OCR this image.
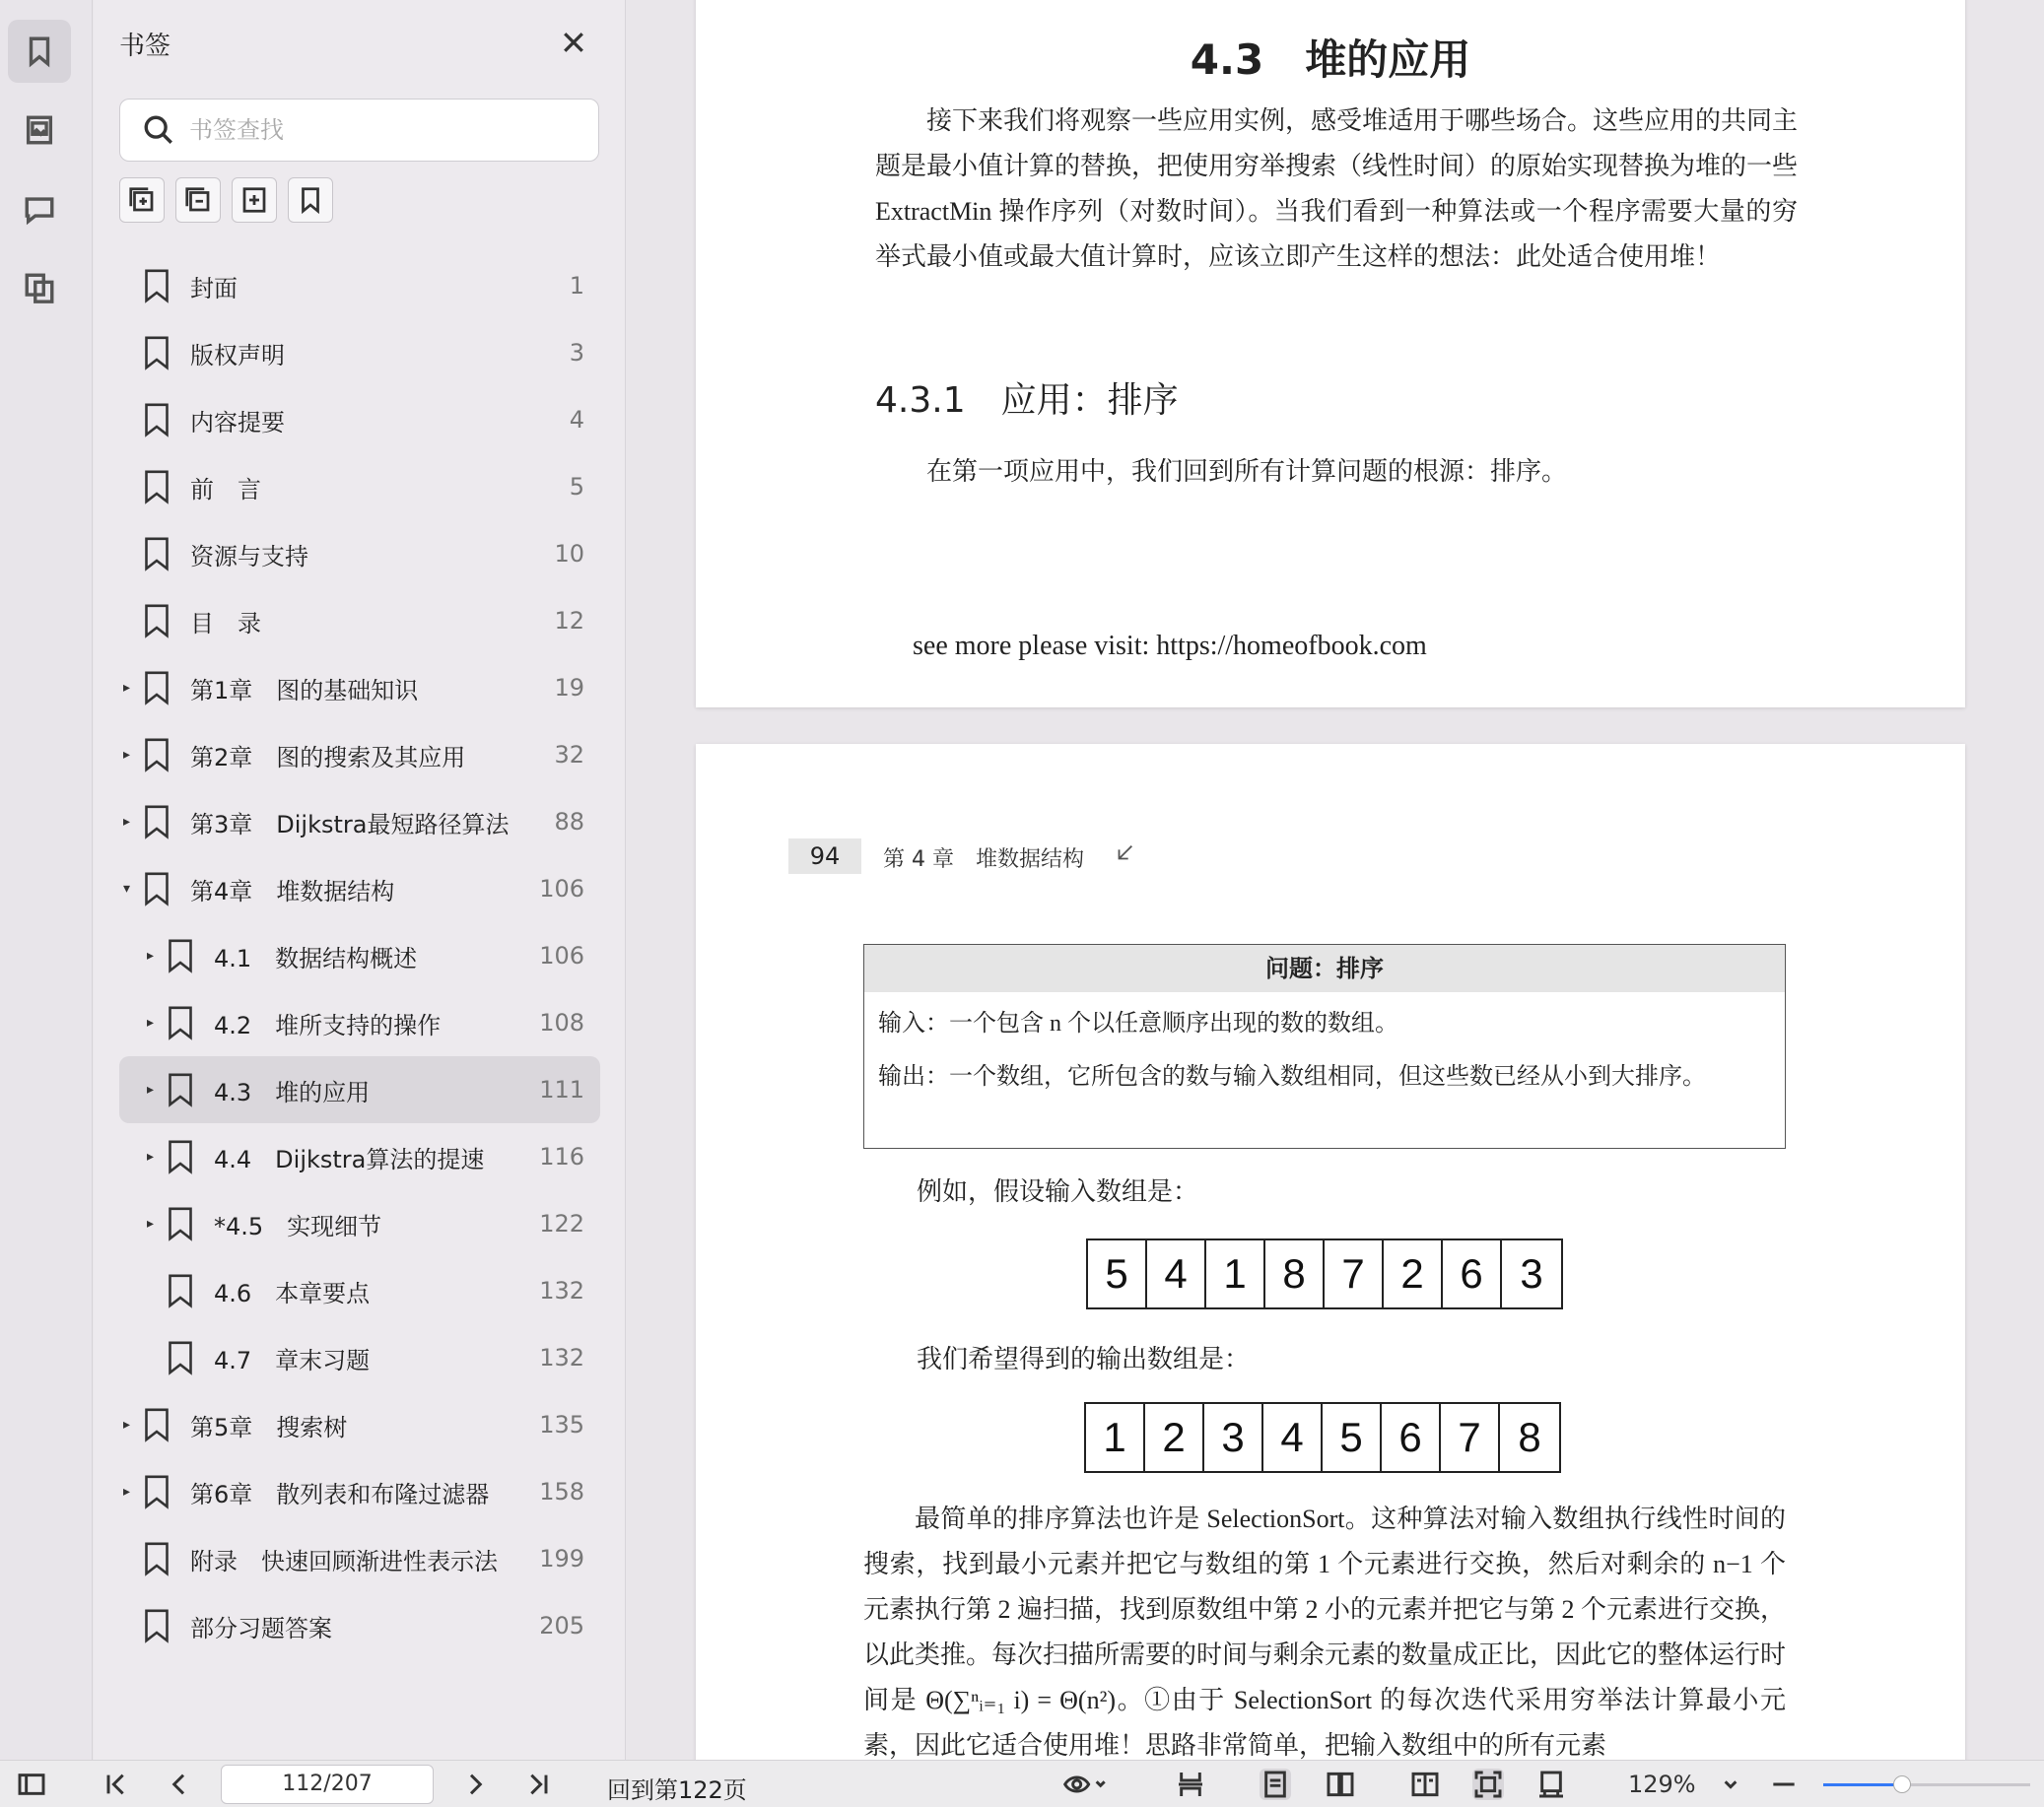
书签
书签查找
封面	1
版权声明	3
内容提要	4
前　言	5
资源与支持	10
目　录	12
▸	第1章　图的基础知识	19
▸	第2章　图的搜索及其应用	32
▸	第3章　Dijkstra最短路径算法 88
▾	第4章　堆数据结构	106
▸	4.1　数据结构概述	106
▸	4.2　堆所支持的操作	108
▸	4.3　堆的应用	111
▸	4.4　Dijkstra算法的提速 116
▸	*4.5　实现细节	122
4.6　本章要点	132
4.7　章末习题	132
▸	第5章　搜索树	135
▸	第6章　散列表和布隆过滤器 158
附录　快速回顾渐进性表示法 199
部分习题答案	205
4.3　堆的应用
接下来我们将观察一些应用实例，感受堆适用于哪些场合。这些应用的共同主题是最小值计算的替换，把使用穷举搜索（线性时间）的原始实现替换为堆的一些 ExtractMin 操作序列（对数时间）。当我们看到一种算法或一个程序需要大量的穷举式最小值或最大值计算时，应该立即产生这样的想法：此处适合使用堆！
4.3.1　应用：排序
在第一项应用中，我们回到所有计算问题的根源：排序。
see more please visit: https://homeofbook.com
94	第 4 章　堆数据结构
问题：排序
输入：一个包含 n 个以任意顺序出现的数的数组。
输出：一个数组，它所包含的数与输入数组相同，但这些数已经从小到大排序。
例如，假设输入数组是：
5 4 1 8 7 2 6 3
我们希望得到的输出数组是：
1 2 3 4 5 6 7 8
最简单的排序算法也许是 SelectionSort。这种算法对输入数组执行线性时间的搜索，找到最小元素并把它与数组的第 1 个元素进行交换，然后对剩余的 n−1 个元素执行第 2 遍扫描，找到原数组中第 2 小的元素并把它与第 2 个元素进行交换，以此类推。每次扫描所需要的时间与剩余元素的数量成正比，因此它的整体运行时间是 Θ(∑ⁿᵢ₌₁ i) = Θ(n²)。①由于 SelectionSort 的每次迭代采用穷举法计算最小元素，因此它适合使用堆！思路非常简单，把输入数组中的所有元素
112/207	回到第122页	129%
